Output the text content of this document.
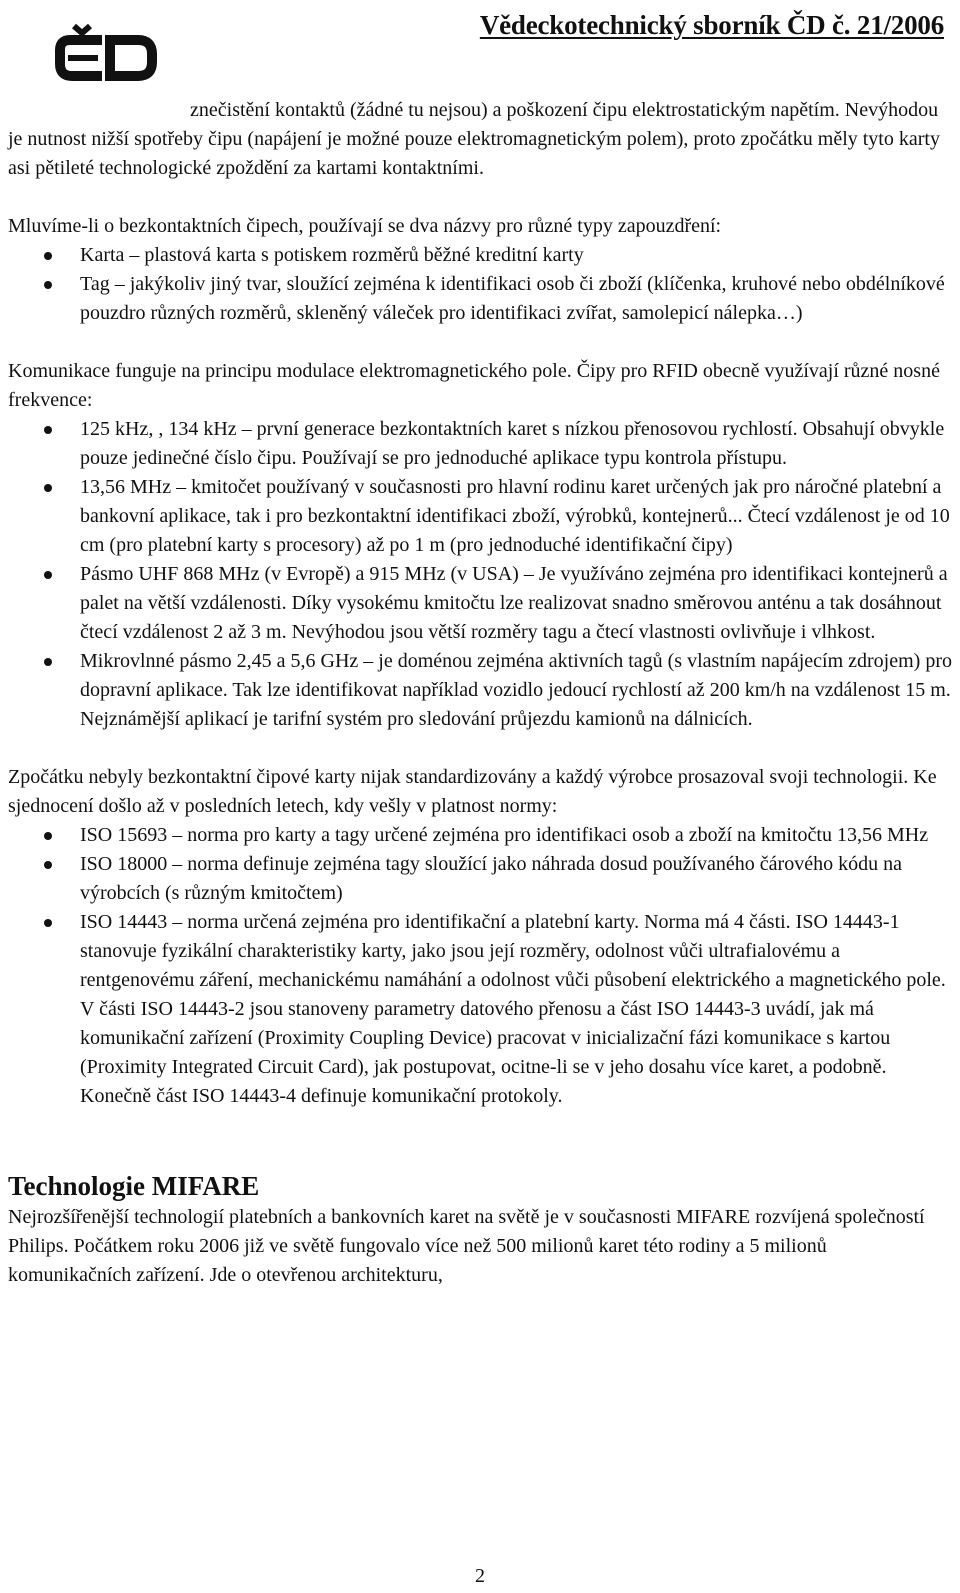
Vědeckotechnický sborník ČD č. 21/2006

znečistění kontaktů (žádné tu nejsou) a poškození čipu elektrostatickým napětím. Nevýhodou je nutnost nižší spotřeby čipu (napájení je možné pouze elektromagnetickým polem), proto zpočátku měly tyto karty asi pětileté technologické zpoždění za kartami kontaktními.

Mluvíme-li o bezkontaktních čipech, používají se dva názvy pro různé typy zapouzdření:

Karta – plastová karta s potiskem rozměrů běžné kreditní karty
Tag – jakýkoliv jiný tvar, sloužící zejména k identifikaci osob či zboží (klíčenka, kruhové nebo obdélníkové pouzdro různých rozměrů, skleněný váleček pro identifikaci zvířat, samolepicí nálepka…)

Komunikace funguje na principu modulace elektromagnetického pole. Čipy pro RFID obecně využívají různé nosné frekvence:

125 kHz, , 134 kHz – první generace bezkontaktních karet s nízkou přenosovou rychlostí. Obsahují obvykle pouze jedinečné číslo čipu. Používají se pro jednoduché aplikace typu kontrola přístupu.
13,56 MHz – kmitočet používaný v současnosti pro hlavní rodinu karet určených jak pro náročné platební a bankovní aplikace, tak i pro bezkontaktní identifikaci zboží, výrobků, kontejnerů... Čtecí vzdálenost je od 10 cm (pro platební karty s procesory) až po 1 m (pro jednoduché identifikační čipy)
Pásmo UHF 868 MHz (v Evropě) a 915 MHz (v USA) – Je využíváno zejména pro identifikaci kontejnerů a palet na větší vzdálenosti. Díky vysokému kmitočtu lze realizovat snadno směrovou anténu a tak dosáhnout čtecí vzdálenost 2 až 3 m. Nevýhodou jsou větší rozměry tagu a čtecí vlastnosti ovlivňuje i vlhkost.
Mikrovlnné pásmo 2,45 a 5,6 GHz – je doménou zejména aktivních tagů (s vlastním napájecím zdrojem) pro dopravní aplikace. Tak lze identifikovat například vozidlo jedoucí rychlostí až 200 km/h na vzdálenost 15 m. Nejznámější aplikací je tarifní systém pro sledování průjezdu kamionů na dálnicích.

Zpočátku nebyly bezkontaktní čipové karty nijak standardizovány a každý výrobce prosazoval svoji technologii. Ke sjednocení došlo až v posledních letech, kdy vešly v platnost normy:

ISO 15693 – norma pro karty a tagy určené zejména pro identifikaci osob a zboží na kmitočtu 13,56 MHz
ISO 18000 – norma definuje zejména tagy sloužící jako náhrada dosud používaného čárového kódu na výrobcích (s různým kmitočtem)
ISO 14443 – norma určená zejména pro identifikační a platební karty. Norma má 4 části. ISO 14443-1 stanovuje fyzikální charakteristiky karty, jako jsou její rozměry, odolnost vůči ultrafialovému a rentgenovému záření, mechanickému namáhání a odolnost vůči působení elektrického a magnetického pole. V části ISO 14443-2 jsou stanoveny parametry datového přenosu a část ISO 14443-3 uvádí, jak má komunikační zařízení (Proximity Coupling Device) pracovat v inicializační fázi komunikace s kartou (Proximity Integrated Circuit Card), jak postupovat, ocitne-li se v jeho dosahu více karet, a podobně. Konečně část ISO 14443-4 definuje komunikační protokoly.
Technologie MIFARE

Nejrozšířenější technologií platebních a bankovních karet na světě je v současnosti MIFARE rozvíjená společností Philips. Počátkem roku 2006 již ve světě fungovalo více než 500 milionů karet této rodiny a 5 milionů komunikačních zařízení. Jde o otevřenou architekturu,

2
